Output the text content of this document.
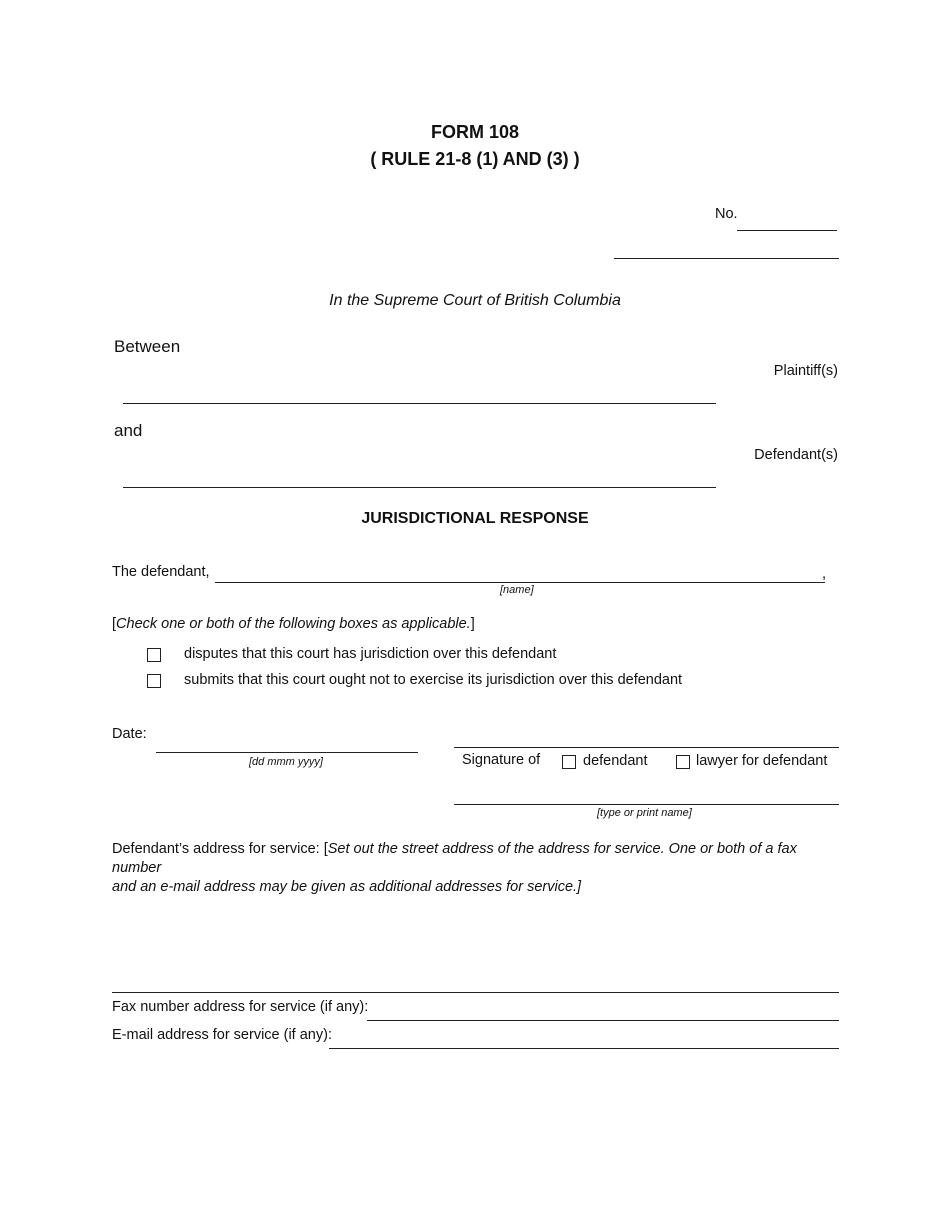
FORM 108
( RULE 21-8 (1) AND (3) )
No.
In the Supreme Court of British Columbia
Between
Plaintiff(s)
and
Defendant(s)
JURISDICTIONAL RESPONSE
The defendant,	,
[name]
[Check one or both of the following boxes as applicable.]
disputes that this court has jurisdiction over this defendant
submits that this court ought not to exercise its jurisdiction over this defendant
Date:
[dd mmm yyyy]	Signature of	defendant	lawyer for defendant
[type or print name]
Defendant’s address for service: [Set out the street address of the address for service. One or both of a fax number
and an e-mail address may be given as additional addresses for service.]
Fax number address for service (if any):
E-mail address for service (if any):
